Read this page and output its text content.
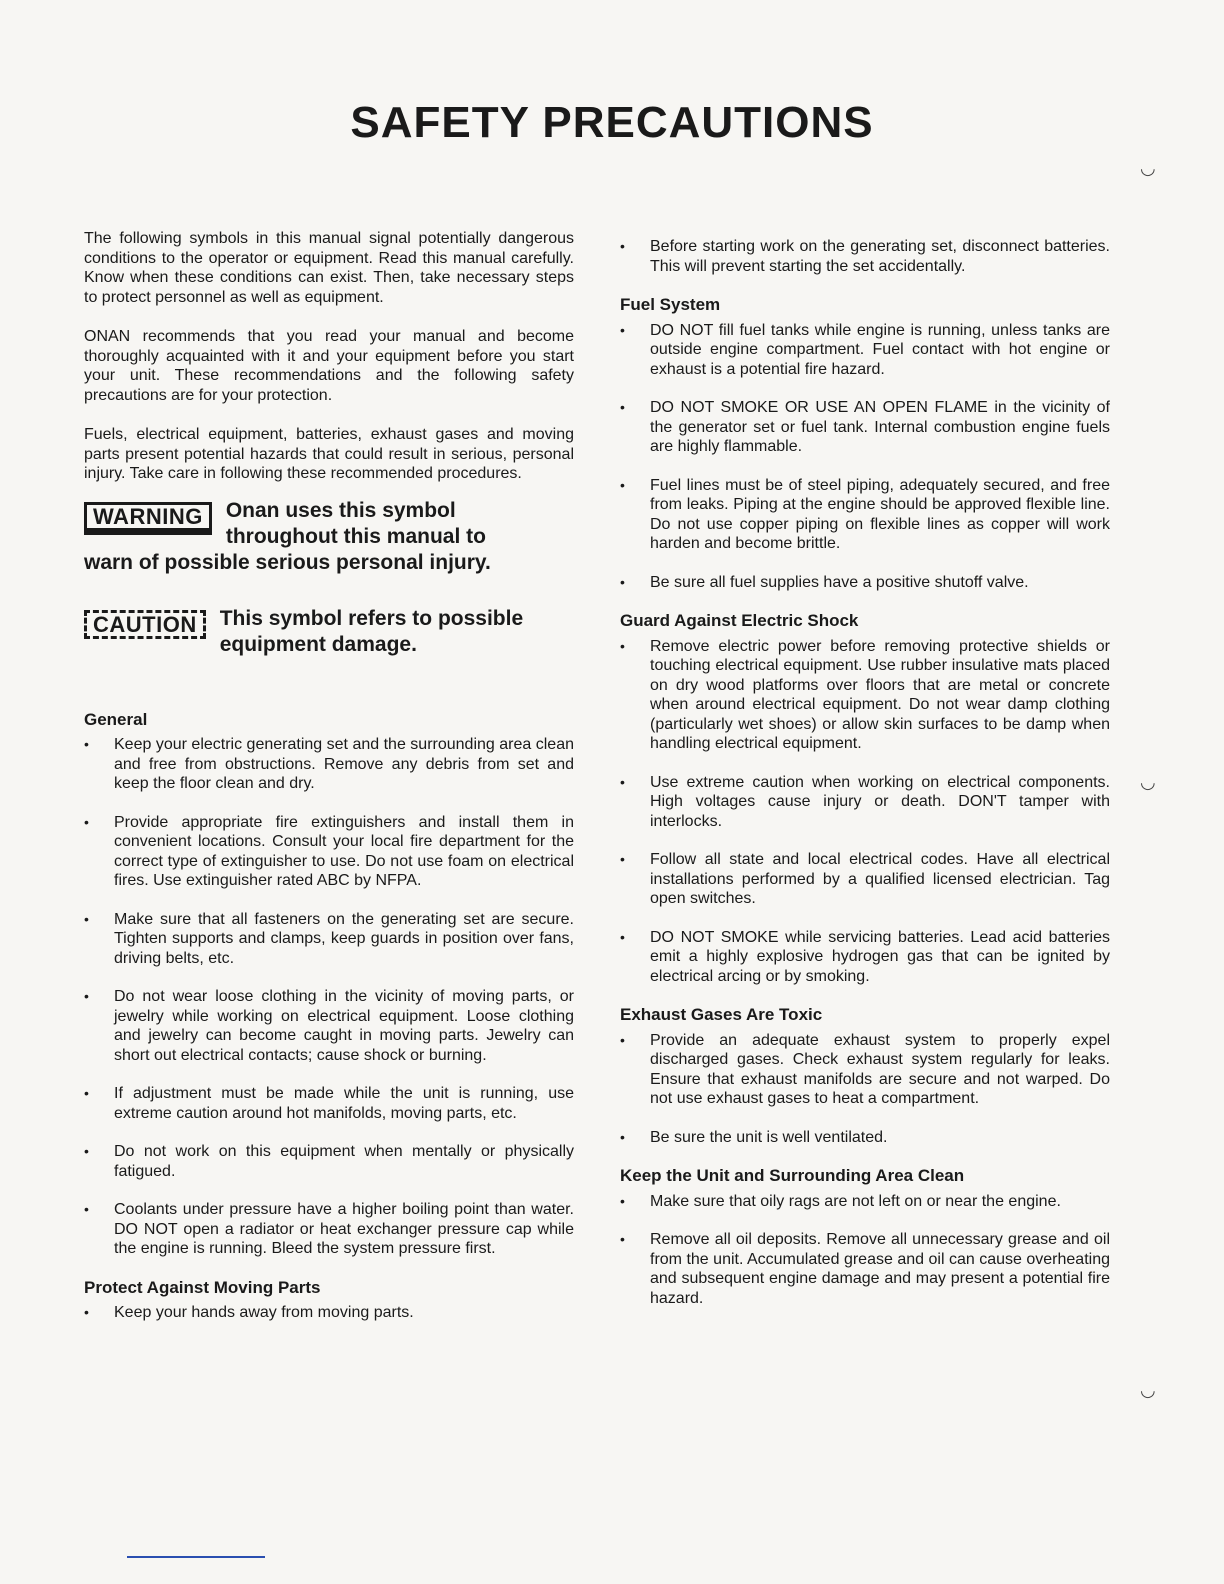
SAFETY PRECAUTIONS

The following symbols in this manual signal potentially dangerous conditions to the operator or equipment. Read this manual carefully. Know when these conditions can exist. Then, take necessary steps to protect personnel as well as equipment.

ONAN recommends that you read your manual and become thoroughly acquainted with it and your equipment before you start your unit. These recommendations and the following safety precautions are for your protection.

Fuels, electrical equipment, batteries, exhaust gases and moving parts present potential hazards that could result in serious, personal injury. Take care in following these recommended procedures.

WARNING	Onan uses this symbol
throughout this manual to
warn of possible serious personal injury.
CAUTION	This symbol refers to possible
equipment damage.
General
• Keep your electric generating set and the surrounding area clean and free from obstructions. Remove any debris from set and keep the floor clean and dry.
• Provide appropriate fire extinguishers and install them in convenient locations. Consult your local fire department for the correct type of extinguisher to use. Do not use foam on electrical fires. Use extinguisher rated ABC by NFPA.
• Make sure that all fasteners on the generating set are secure. Tighten supports and clamps, keep guards in position over fans, driving belts, etc.
• Do not wear loose clothing in the vicinity of moving parts, or jewelry while working on electrical equipment. Loose clothing and jewelry can become caught in moving parts. Jewelry can short out electrical contacts; cause shock or burning.
• If adjustment must be made while the unit is running, use extreme caution around hot manifolds, moving parts, etc.
• Do not work on this equipment when mentally or physically fatigued.
• Coolants under pressure have a higher boiling point than water. DO NOT open a radiator or heat exchanger pressure cap while the engine is running. Bleed the system pressure first.
Protect Against Moving Parts
• Keep your hands away from moving parts.
• Before starting work on the generating set, disconnect batteries. This will prevent starting the set accidentally.
Fuel System
• DO NOT fill fuel tanks while engine is running, unless tanks are outside engine compartment. Fuel contact with hot engine or exhaust is a potential fire hazard.
• DO NOT SMOKE OR USE AN OPEN FLAME in the vicinity of the generator set or fuel tank. Internal combustion engine fuels are highly flammable.
• Fuel lines must be of steel piping, adequately secured, and free from leaks. Piping at the engine should be approved flexible line. Do not use copper piping on flexible lines as copper will work harden and become brittle.
• Be sure all fuel supplies have a positive shutoff valve.
Guard Against Electric Shock
• Remove electric power before removing protective shields or touching electrical equipment. Use rubber insulative mats placed on dry wood platforms over floors that are metal or concrete when around electrical equipment. Do not wear damp clothing (particularly wet shoes) or allow skin surfaces to be damp when handling electrical equipment.
• Use extreme caution when working on electrical components. High voltages cause injury or death. DON'T tamper with interlocks.
• Follow all state and local electrical codes. Have all electrical installations performed by a qualified licensed electrician. Tag open switches.
• DO NOT SMOKE while servicing batteries. Lead acid batteries emit a highly explosive hydrogen gas that can be ignited by electrical arcing or by smoking.
Exhaust Gases Are Toxic
• Provide an adequate exhaust system to properly expel discharged gases. Check exhaust system regularly for leaks. Ensure that exhaust manifolds are secure and not warped. Do not use exhaust gases to heat a compartment.
• Be sure the unit is well ventilated.
Keep the Unit and Surrounding Area Clean
• Make sure that oily rags are not left on or near the engine.
• Remove all oil deposits. Remove all unnecessary grease and oil from the unit. Accumulated grease and oil can cause overheating and subsequent engine damage and may present a potential fire hazard.
◡
◡
◡
